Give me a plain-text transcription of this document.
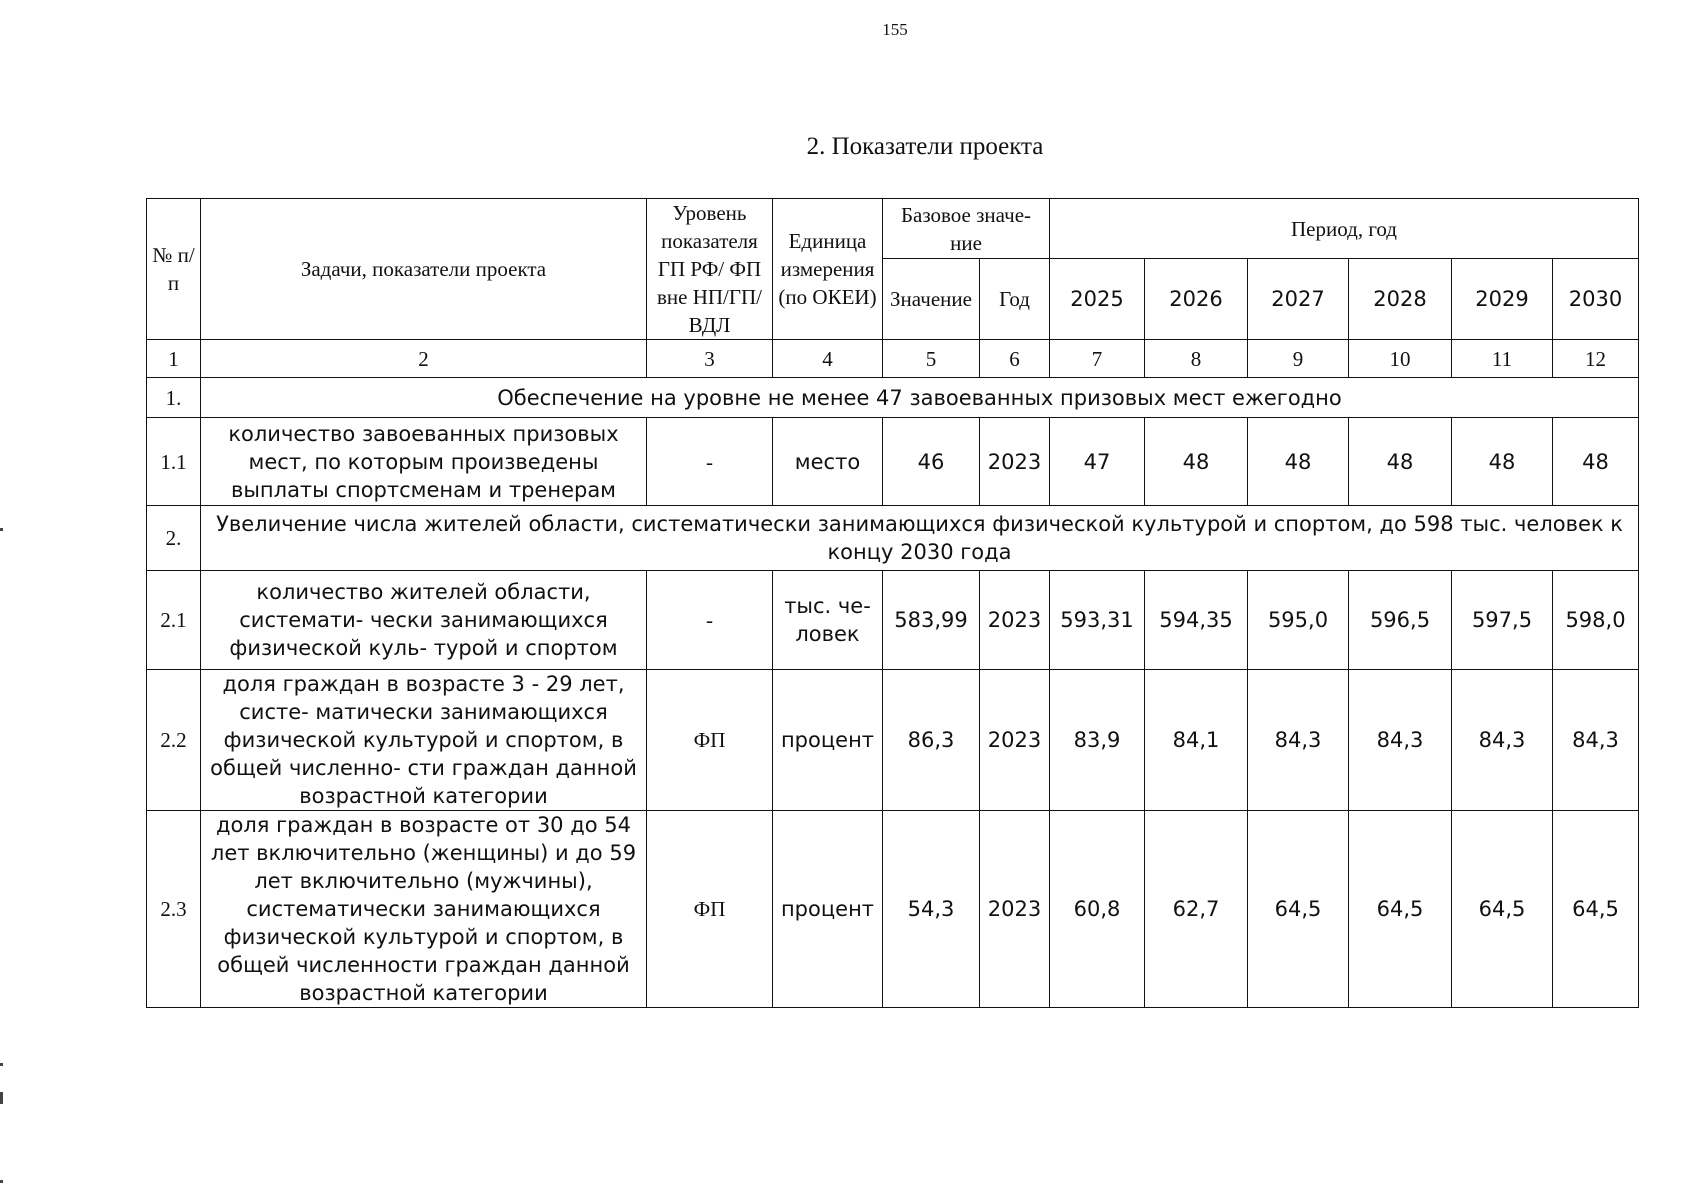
155
2. Показатели проекта
№ п/п	Задачи, показатели проекта	Уровень показателя ГП РФ/ ФП вне НП/ГП/ ВДЛ	Единица измерения (по ОКЕИ)	Базовое значе- ние		Период, год					
				Значение	Год	2025	2026	2027	2028	2029	2030
1	2	3	4	5	6	7	8	9	10	11	12
1.	Обеспечение на уровне не менее 47 завоеванных призовых мест ежегодно										
1.1	количество завоеванных призовых мест, по которым произведены выплаты спортсменам и тренерам	-	место	46	2023	47	48	48	48	48	48
2.	Увеличение числа жителей области, систематически занимающихся физической культурой и спортом, до 598 тыс. человек к концу 2030 года										
2.1	количество жителей области, системати- чески занимающихся физической куль- турой и спортом	-	тыс. че- ловек	583,99	2023	593,31	594,35	595,0	596,5	597,5	598,0
2.2	доля граждан в возрасте 3 - 29 лет, систе- матически занимающихся физической культурой и спортом, в общей численно- сти граждан данной возрастной категории	ФП	процент	86,3	2023	83,9	84,1	84,3	84,3	84,3	84,3
2.3	доля граждан в возрасте от 30 до 54 лет включительно (женщины) и до 59 лет включительно (мужчины), систематически занимающихся физической культурой и спортом, в общей численности граждан данной возрастной категории	ФП	процент	54,3	2023	60,8	62,7	64,5	64,5	64,5	64,5
